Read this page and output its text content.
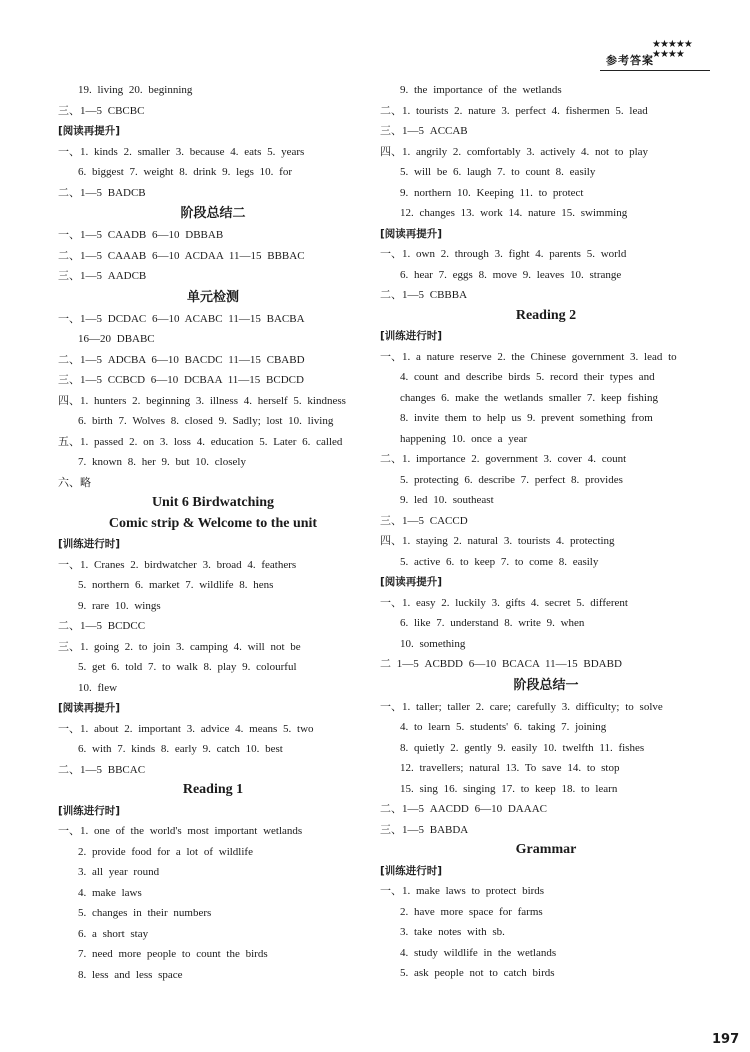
★★★★★ ★★★★
参考答案
19. living 20. beginning
三、1—5 CBCBC
[阅读再提升]
一、1. kinds 2. smaller 3. because 4. eats 5. years
6. biggest 7. weight 8. drink 9. legs 10. for
二、1—5 BADCB
阶段总结二
一、1—5 CAADB 6—10 DBBAB
二、1—5 CAAAB 6—10 ACDAA 11—15 BBBAC
三、1—5 AADCB
单元检测
一、1—5 DCDAC 6—10 ACABC 11—15 BACBA
16—20 DBABC
二、1—5 ADCBA 6—10 BACDC 11—15 CBABD
三、1—5 CCBCD 6—10 DCBAA 11—15 BCDCD
四、1. hunters 2. beginning 3. illness 4. herself 5. kindness
6. birth 7. Wolves 8. closed 9. Sadly; lost 10. living
五、1. passed 2. on 3. loss 4. education 5. Later 6. called
7. known 8. her 9. but 10. closely
六、略
Unit 6 Birdwatching
Comic strip & Welcome to the unit
[训练进行时]
一、1. Cranes 2. birdwatcher 3. broad 4. feathers
5. northern 6. market 7. wildlife 8. hens
9. rare 10. wings
二、1—5 BCDCC
三、1. going 2. to join 3. camping 4. will not be
5. get 6. told 7. to walk 8. play 9. colourful
10. flew
[阅读再提升]
一、1. about 2. important 3. advice 4. means 5. two
6. with 7. kinds 8. early 9. catch 10. best
二、1—5 BBCAC
Reading 1
[训练进行时]
一、1. one of the world's most important wetlands
2. provide food for a lot of wildlife
3. all year round
4. make laws
5. changes in their numbers
6. a short stay
7. need more people to count the birds
8. less and less space
9. the importance of the wetlands
二、1. tourists 2. nature 3. perfect 4. fishermen 5. lead
三、1—5 ACCAB
四、1. angrily 2. comfortably 3. actively 4. not to play
5. will be 6. laugh 7. to count 8. easily
9. northern 10. Keeping 11. to protect
12. changes 13. work 14. nature 15. swimming
[阅读再提升]
一、1. own 2. through 3. fight 4. parents 5. world
6. hear 7. eggs 8. move 9. leaves 10. strange
二、1—5 CBBBA
Reading 2
[训练进行时]
一、1. a nature reserve 2. the Chinese government 3. lead to
4. count and describe birds 5. record their types and
changes 6. make the wetlands smaller 7. keep fishing
8. invite them to help us 9. prevent something from
happening 10. once a year
二、1. importance 2. government 3. cover 4. count
5. protecting 6. describe 7. perfect 8. provides
9. led 10. southeast
三、1—5 CACCD
四、1. staying 2. natural 3. tourists 4. protecting
5. active 6. to keep 7. to come 8. easily
[阅读再提升]
一、1. easy 2. luckily 3. gifts 4. secret 5. different
6. like 7. understand 8. write 9. when
10. something
二 1—5 ACBDD 6—10 BCACA 11—15 BDABD
阶段总结一
一、1. taller; taller 2. care; carefully 3. difficulty; to solve
4. to learn 5. students' 6. taking 7. joining
8. quietly 2. gently 9. easily 10. twelfth 11. fishes
12. travellers; natural 13. To save 14. to stop
15. sing 16. singing 17. to keep 18. to learn
二、1—5 AACDD 6—10 DAAAC
三、1—5 BABDA
Grammar
[训练进行时]
一、1. make laws to protect birds
2. have more space for farms
3. take notes with sb.
4. study wildlife in the wetlands
5. ask people not to catch birds
197
